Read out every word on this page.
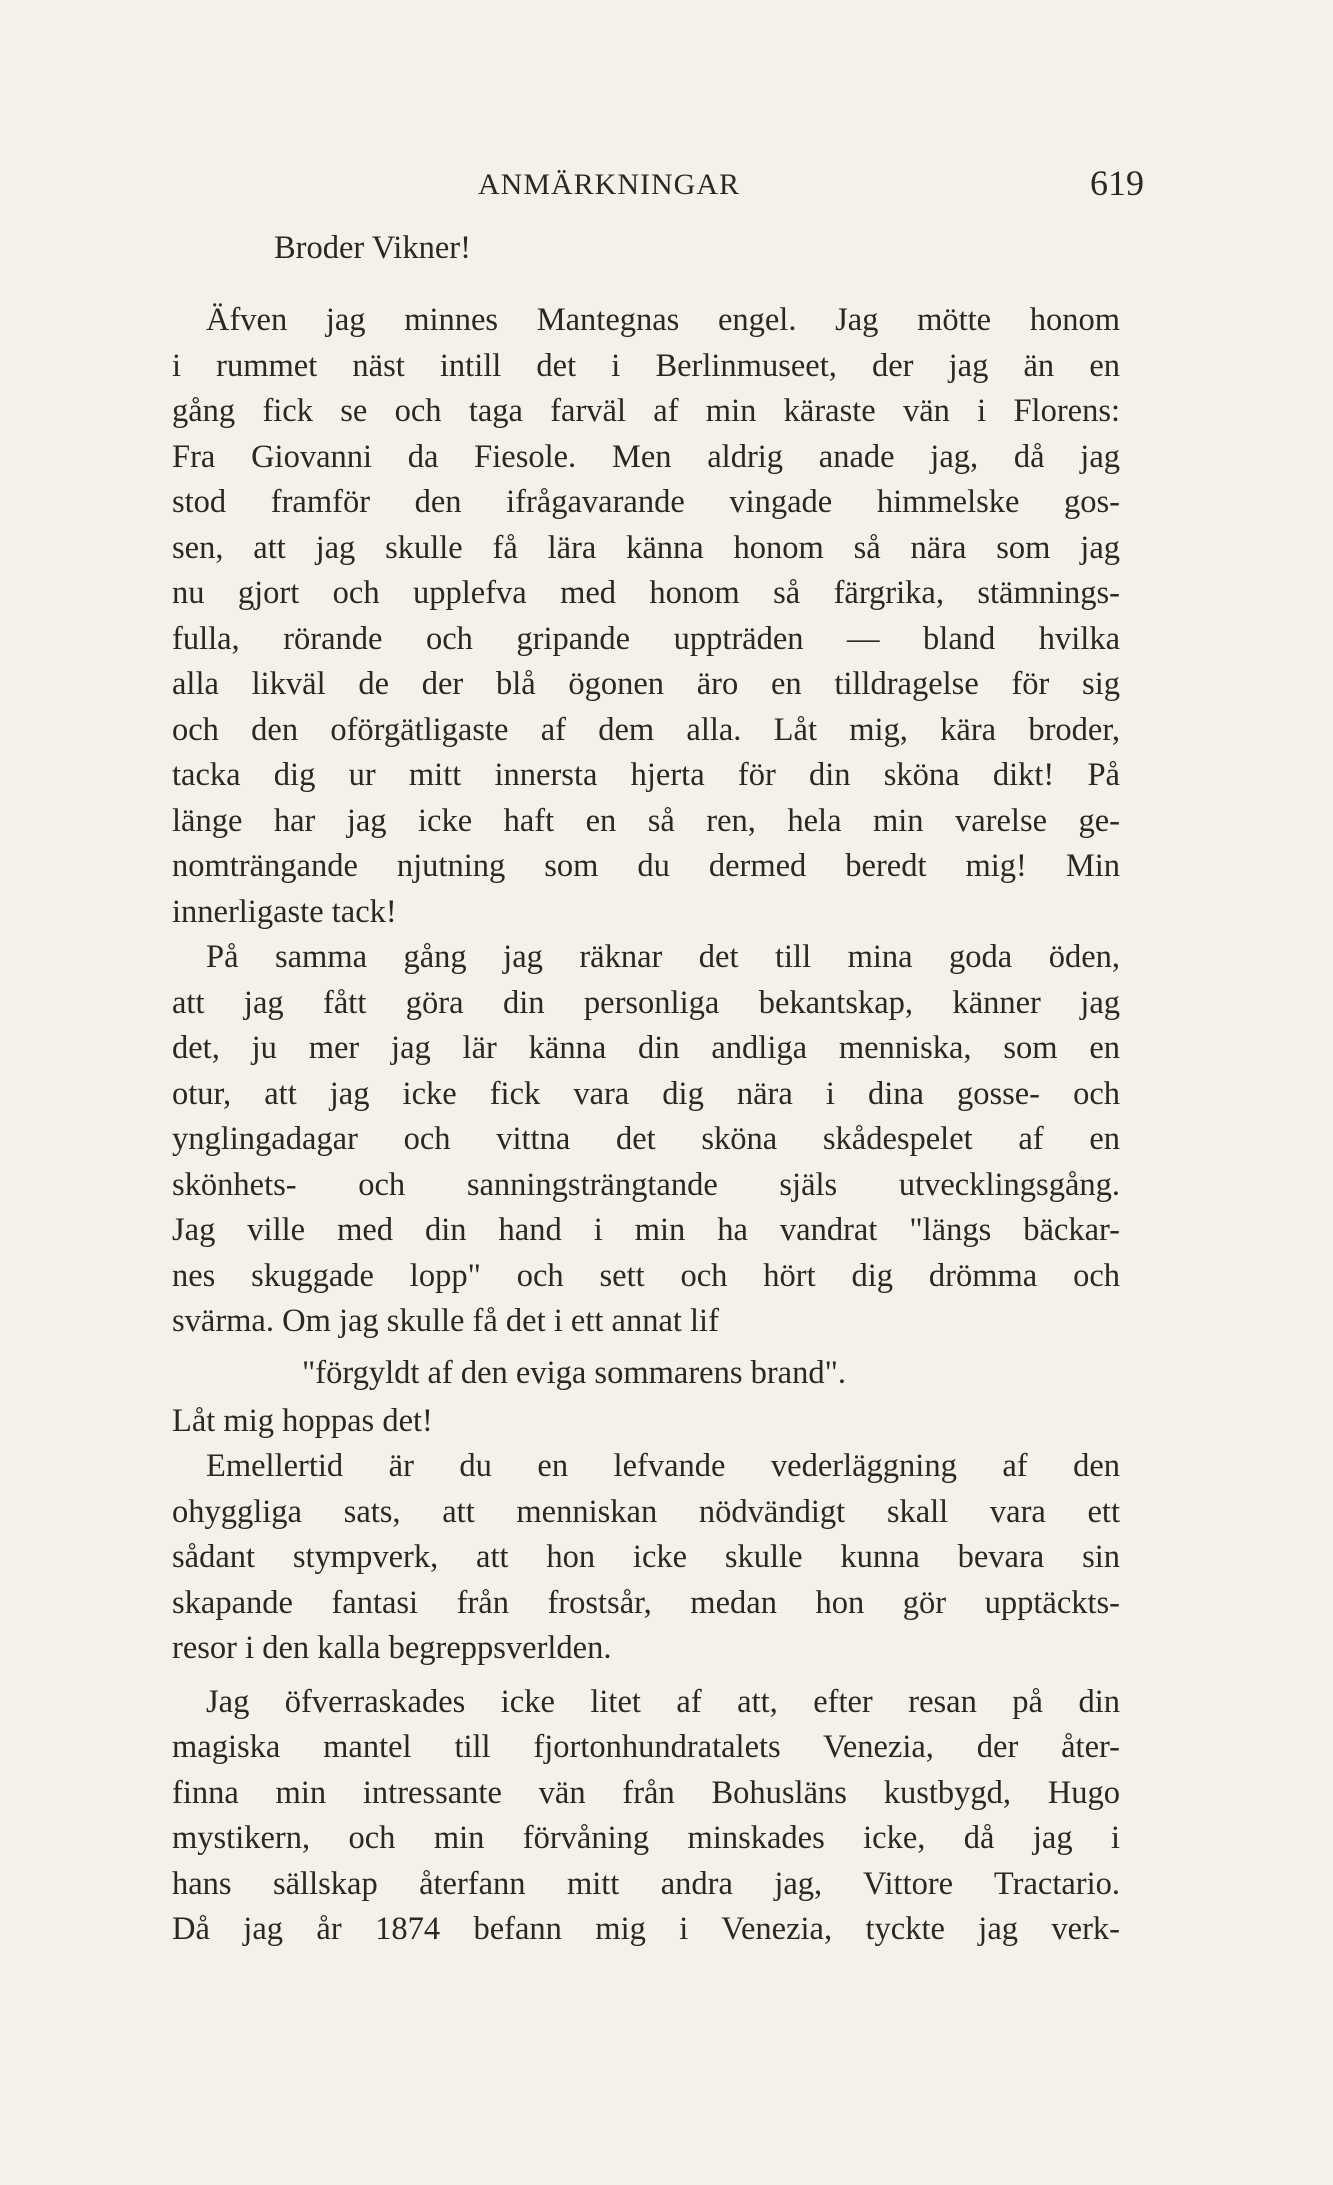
ANMÄRKNINGAR	619
Broder Vikner!
Äfven jag minnes Mantegnas engel. Jag mötte honom
i rummet näst intill det i Berlinmuseet, der jag än en
gång fick se och taga farväl af min käraste vän i Florens:
Fra Giovanni da Fiesole. Men aldrig anade jag, då jag
stod framför den ifrågavarande vingade himmelske gos-
sen, att jag skulle få lära känna honom så nära som jag
nu gjort och upplefva med honom så färgrika, stämnings-
fulla, rörande och gripande uppträden — bland hvilka
alla likväl de der blå ögonen äro en tilldragelse för sig
och den oförgätligaste af dem alla. Låt mig, kära broder,
tacka dig ur mitt innersta hjerta för din sköna dikt! På
länge har jag icke haft en så ren, hela min varelse ge-
nomträngande njutning som du dermed beredt mig! Min
innerligaste tack!
På samma gång jag räknar det till mina goda öden,
att jag fått göra din personliga bekantskap, känner jag
det, ju mer jag lär känna din andliga menniska, som en
otur, att jag icke fick vara dig nära i dina gosse- och
ynglingadagar och vittna det sköna skådespelet af en
skönhets- och sanningsträngtande själs utvecklingsgång.
Jag ville med din hand i min ha vandrat "längs bäckar-
nes skuggade lopp" och sett och hört dig drömma och
svärma. Om jag skulle få det i ett annat lif
"förgyldt af den eviga sommarens brand".
Låt mig hoppas det!
Emellertid är du en lefvande vederläggning af den
ohyggliga sats, att menniskan nödvändigt skall vara ett
sådant stympverk, att hon icke skulle kunna bevara sin
skapande fantasi från frostsår, medan hon gör upptäckts-
resor i den kalla begreppsverlden.
Jag öfverraskades icke litet af att, efter resan på din
magiska mantel till fjortonhundratalets Venezia, der åter-
finna min intressante vän från Bohusläns kustbygd, Hugo
mystikern, och min förvåning minskades icke, då jag i
hans sällskap återfann mitt andra jag, Vittore Tractario.
Då jag år 1874 befann mig i Venezia, tyckte jag verk-
